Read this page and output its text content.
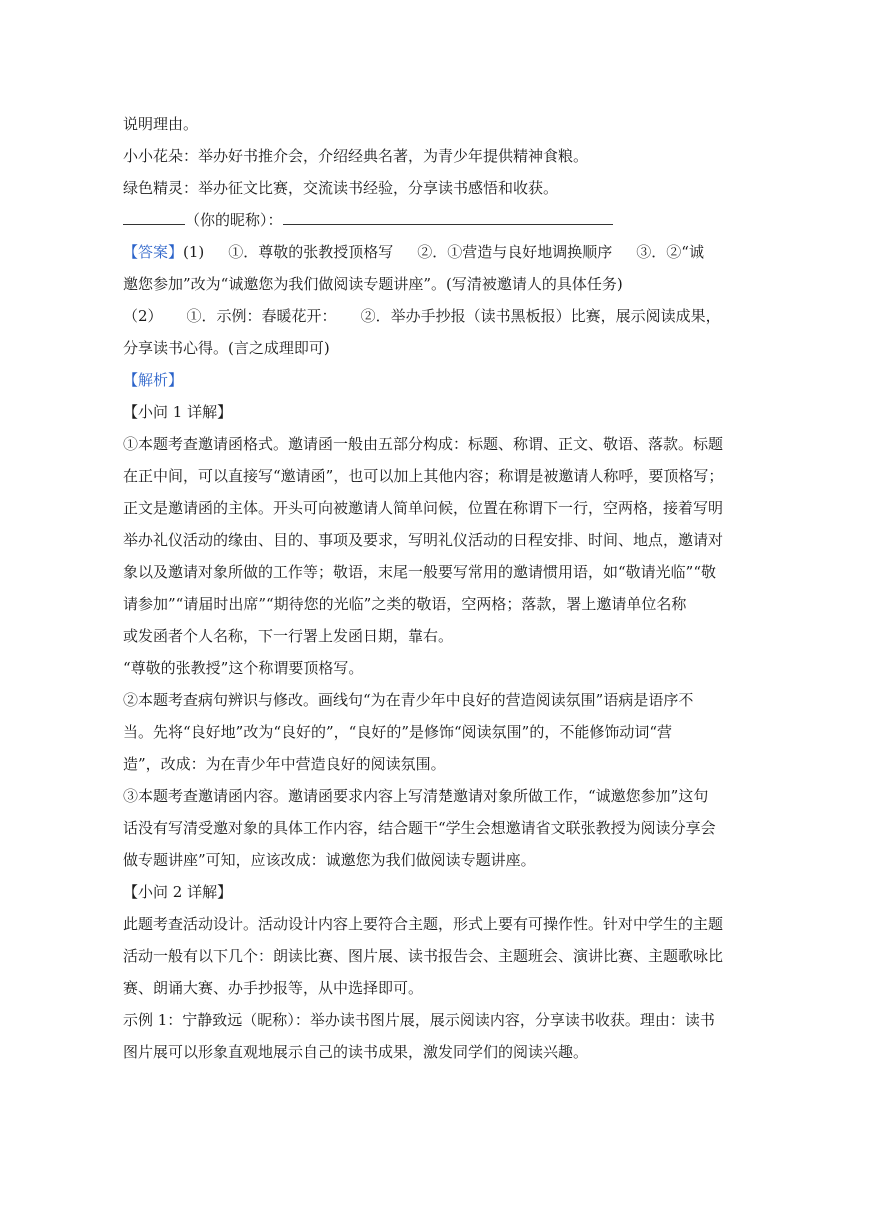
说明理由。

小小花朵：举办好书推介会，介绍经典名著，为青少年提供精神食粮。

绿色精灵：举办征文比赛，交流读书经验，分享读书感悟和收获。

（你的昵称）：

【答案】(1) ①．尊敬的张教授顶格写 ②．①营造与良好地调换顺序 ③．②“诚

邀您参加”改为“诚邀您为我们做阅读专题讲座”。(写清被邀请人的具体任务)

（2） ①．示例：春暖花开： ②．举办手抄报（读书黑板报）比赛，展示阅读成果，

分享读书心得。(言之成理即可)

【解析】

【小问 1 详解】

①本题考查邀请函格式。邀请函一般由五部分构成：标题、称谓、正文、敬语、落款。标题

在正中间，可以直接写“邀请函”，也可以加上其他内容；称谓是被邀请人称呼，要顶格写；

正文是邀请函的主体。开头可向被邀请人简单问候，位置在称谓下一行，空两格，接着写明

举办礼仪活动的缘由、目的、事项及要求，写明礼仪活动的日程安排、时间、地点，邀请对

象以及邀请对象所做的工作等；敬语，末尾一般要写常用的邀请惯用语，如“敬请光临”“敬

请参加”“请届时出席”“期待您的光临”之类的敬语，空两格；落款，署上邀请单位名称

或发函者个人名称，下一行署上发函日期，靠右。

“尊敬的张教授”这个称谓要顶格写。

②本题考查病句辨识与修改。画线句“为在青少年中良好的营造阅读氛围”语病是语序不

当。先将“良好地”改为“良好的”，“良好的”是修饰“阅读氛围”的，不能修饰动词“营

造”，改成：为在青少年中营造良好的阅读氛围。

③本题考查邀请函内容。邀请函要求内容上写清楚邀请对象所做工作，“诚邀您参加”这句

话没有写清受邀对象的具体工作内容，结合题干“学生会想邀请省文联张教授为阅读分享会

做专题讲座”可知，应该改成：诚邀您为我们做阅读专题讲座。

【小问 2 详解】

此题考查活动设计。活动设计内容上要符合主题，形式上要有可操作性。针对中学生的主题

活动一般有以下几个：朗读比赛、图片展、读书报告会、主题班会、演讲比赛、主题歌咏比

赛、朗诵大赛、办手抄报等，从中选择即可。

示例 1：宁静致远（昵称）：举办读书图片展，展示阅读内容，分享读书收获。理由：读书

图片展可以形象直观地展示自己的读书成果，激发同学们的阅读兴趣。
